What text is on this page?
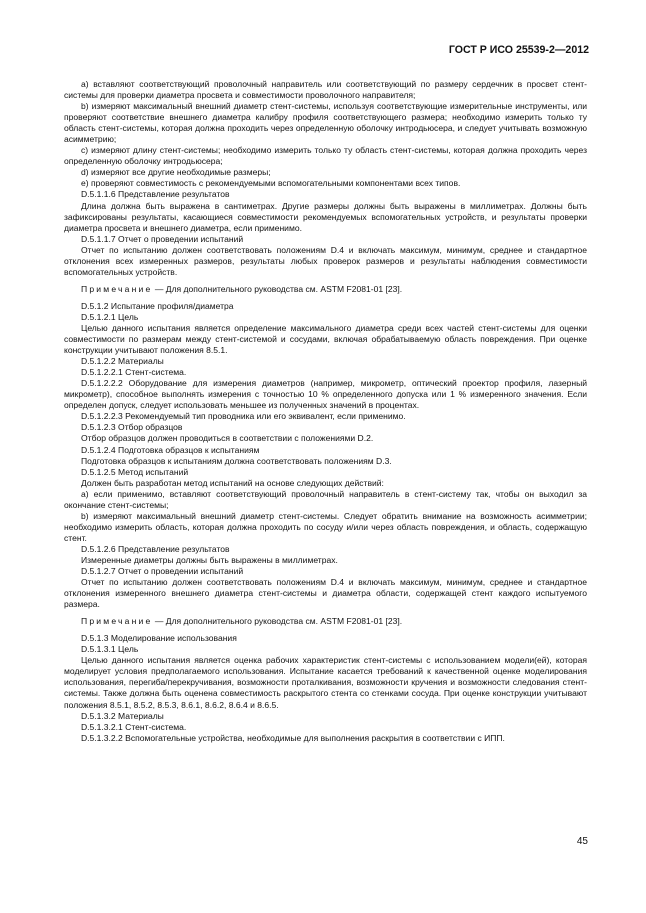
ГОСТ Р ИСО 25539-2—2012

а) вставляют соответствующий проволочный направитель или соответствующий по размеру сердечник в просвет стент-системы для проверки диаметра просвета и совместимости проволочного направителя;

b) измеряют максимальный внешний диаметр стент-системы, используя соответствующие измерительные инструменты, или проверяют соответствие внешнего диаметра калибру профиля соответствующего размера; необходимо измерить только ту область стент-системы, которая должна проходить через определенную оболочку интродьюсера, и следует учитывать возможную асимметрию;

с) измеряют длину стент-системы; необходимо измерить только ту область стент-системы, которая должна проходить через определенную оболочку интродьюсера;

d) измеряют все другие необходимые размеры;

е) проверяют совместимость с рекомендуемыми вспомогательными компонентами всех типов.

D.5.1.1.6 Представление результатов

Длина должна быть выражена в сантиметрах. Другие размеры должны быть выражены в миллиметрах. Должны быть зафиксированы результаты, касающиеся совместимости рекомендуемых вспомогательных устройств, и результаты проверки диаметра просвета и внешнего диаметра, если применимо.

D.5.1.1.7 Отчет о проведении испытаний

Отчет по испытанию должен соответствовать положениям D.4 и включать максимум, минимум, среднее и стандартное отклонения всех измеренных размеров, результаты любых проверок размеров и результаты наблюдения совместимости вспомогательных устройств.

Примечание — Для дополнительного руководства см. ASTM F2081-01 [23].

D.5.1.2 Испытание профиля/диаметра

D.5.1.2.1 Цель

Целью данного испытания является определение максимального диаметра среди всех частей стент-системы для оценки совместимости по размерам между стент-системой и сосудами, включая обрабатываемую область повреждения. При оценке конструкции учитывают положения 8.5.1.

D.5.1.2.2 Материалы

D.5.1.2.2.1 Стент-система.

D.5.1.2.2.2 Оборудование для измерения диаметров (например, микрометр, оптический проектор профиля, лазерный микрометр), способное выполнять измерения с точностью 10 % определенного допуска или 1 % измеренного значения. Если определен допуск, следует использовать меньшее из полученных значений в процентах.

D.5.1.2.2.3 Рекомендуемый тип проводника или его эквивалент, если применимо.

D.5.1.2.3 Отбор образцов

Отбор образцов должен проводиться в соответствии с положениями D.2.

D.5.1.2.4 Подготовка образцов к испытаниям

Подготовка образцов к испытаниям должна соответствовать положениям D.3.

D.5.1.2.5 Метод испытаний

Должен быть разработан метод испытаний на основе следующих действий:

а) если применимо, вставляют соответствующий проволочный направитель в стент-систему так, чтобы он выходил за окончание стент-системы;

b) измеряют максимальный внешний диаметр стент-системы. Следует обратить внимание на возможность асимметрии; необходимо измерить область, которая должна проходить по сосуду и/или через область повреждения, и область, содержащую стент.

D.5.1.2.6 Представление результатов

Измеренные диаметры должны быть выражены в миллиметрах.

D.5.1.2.7 Отчет о проведении испытаний

Отчет по испытанию должен соответствовать положениям D.4 и включать максимум, минимум, среднее и стандартное отклонения измеренного внешнего диаметра стент-системы и диаметра области, содержащей стент каждого испытуемого размера.

Примечание — Для дополнительного руководства см. ASTM F2081-01 [23].

D.5.1.3 Моделирование использования

D.5.1.3.1 Цель

Целью данного испытания является оценка рабочих характеристик стент-системы с использованием модели(ей), которая моделирует условия предполагаемого использования. Испытание касается требований к качественной оценке моделирования использования, перегиба/перекручивания, возможности проталкивания, возможности кручения и возможности следования стент-системы. Также должна быть оценена совместимость раскрытого стента со стенками сосуда. При оценке конструкции учитывают положения 8.5.1, 8.5.2, 8.5.3, 8.6.1, 8.6.2, 8.6.4 и 8.6.5.

D.5.1.3.2 Материалы

D.5.1.3.2.1 Стент-система.

D.5.1.3.2.2 Вспомогательные устройства, необходимые для выполнения раскрытия в соответствии с ИПП.

45
